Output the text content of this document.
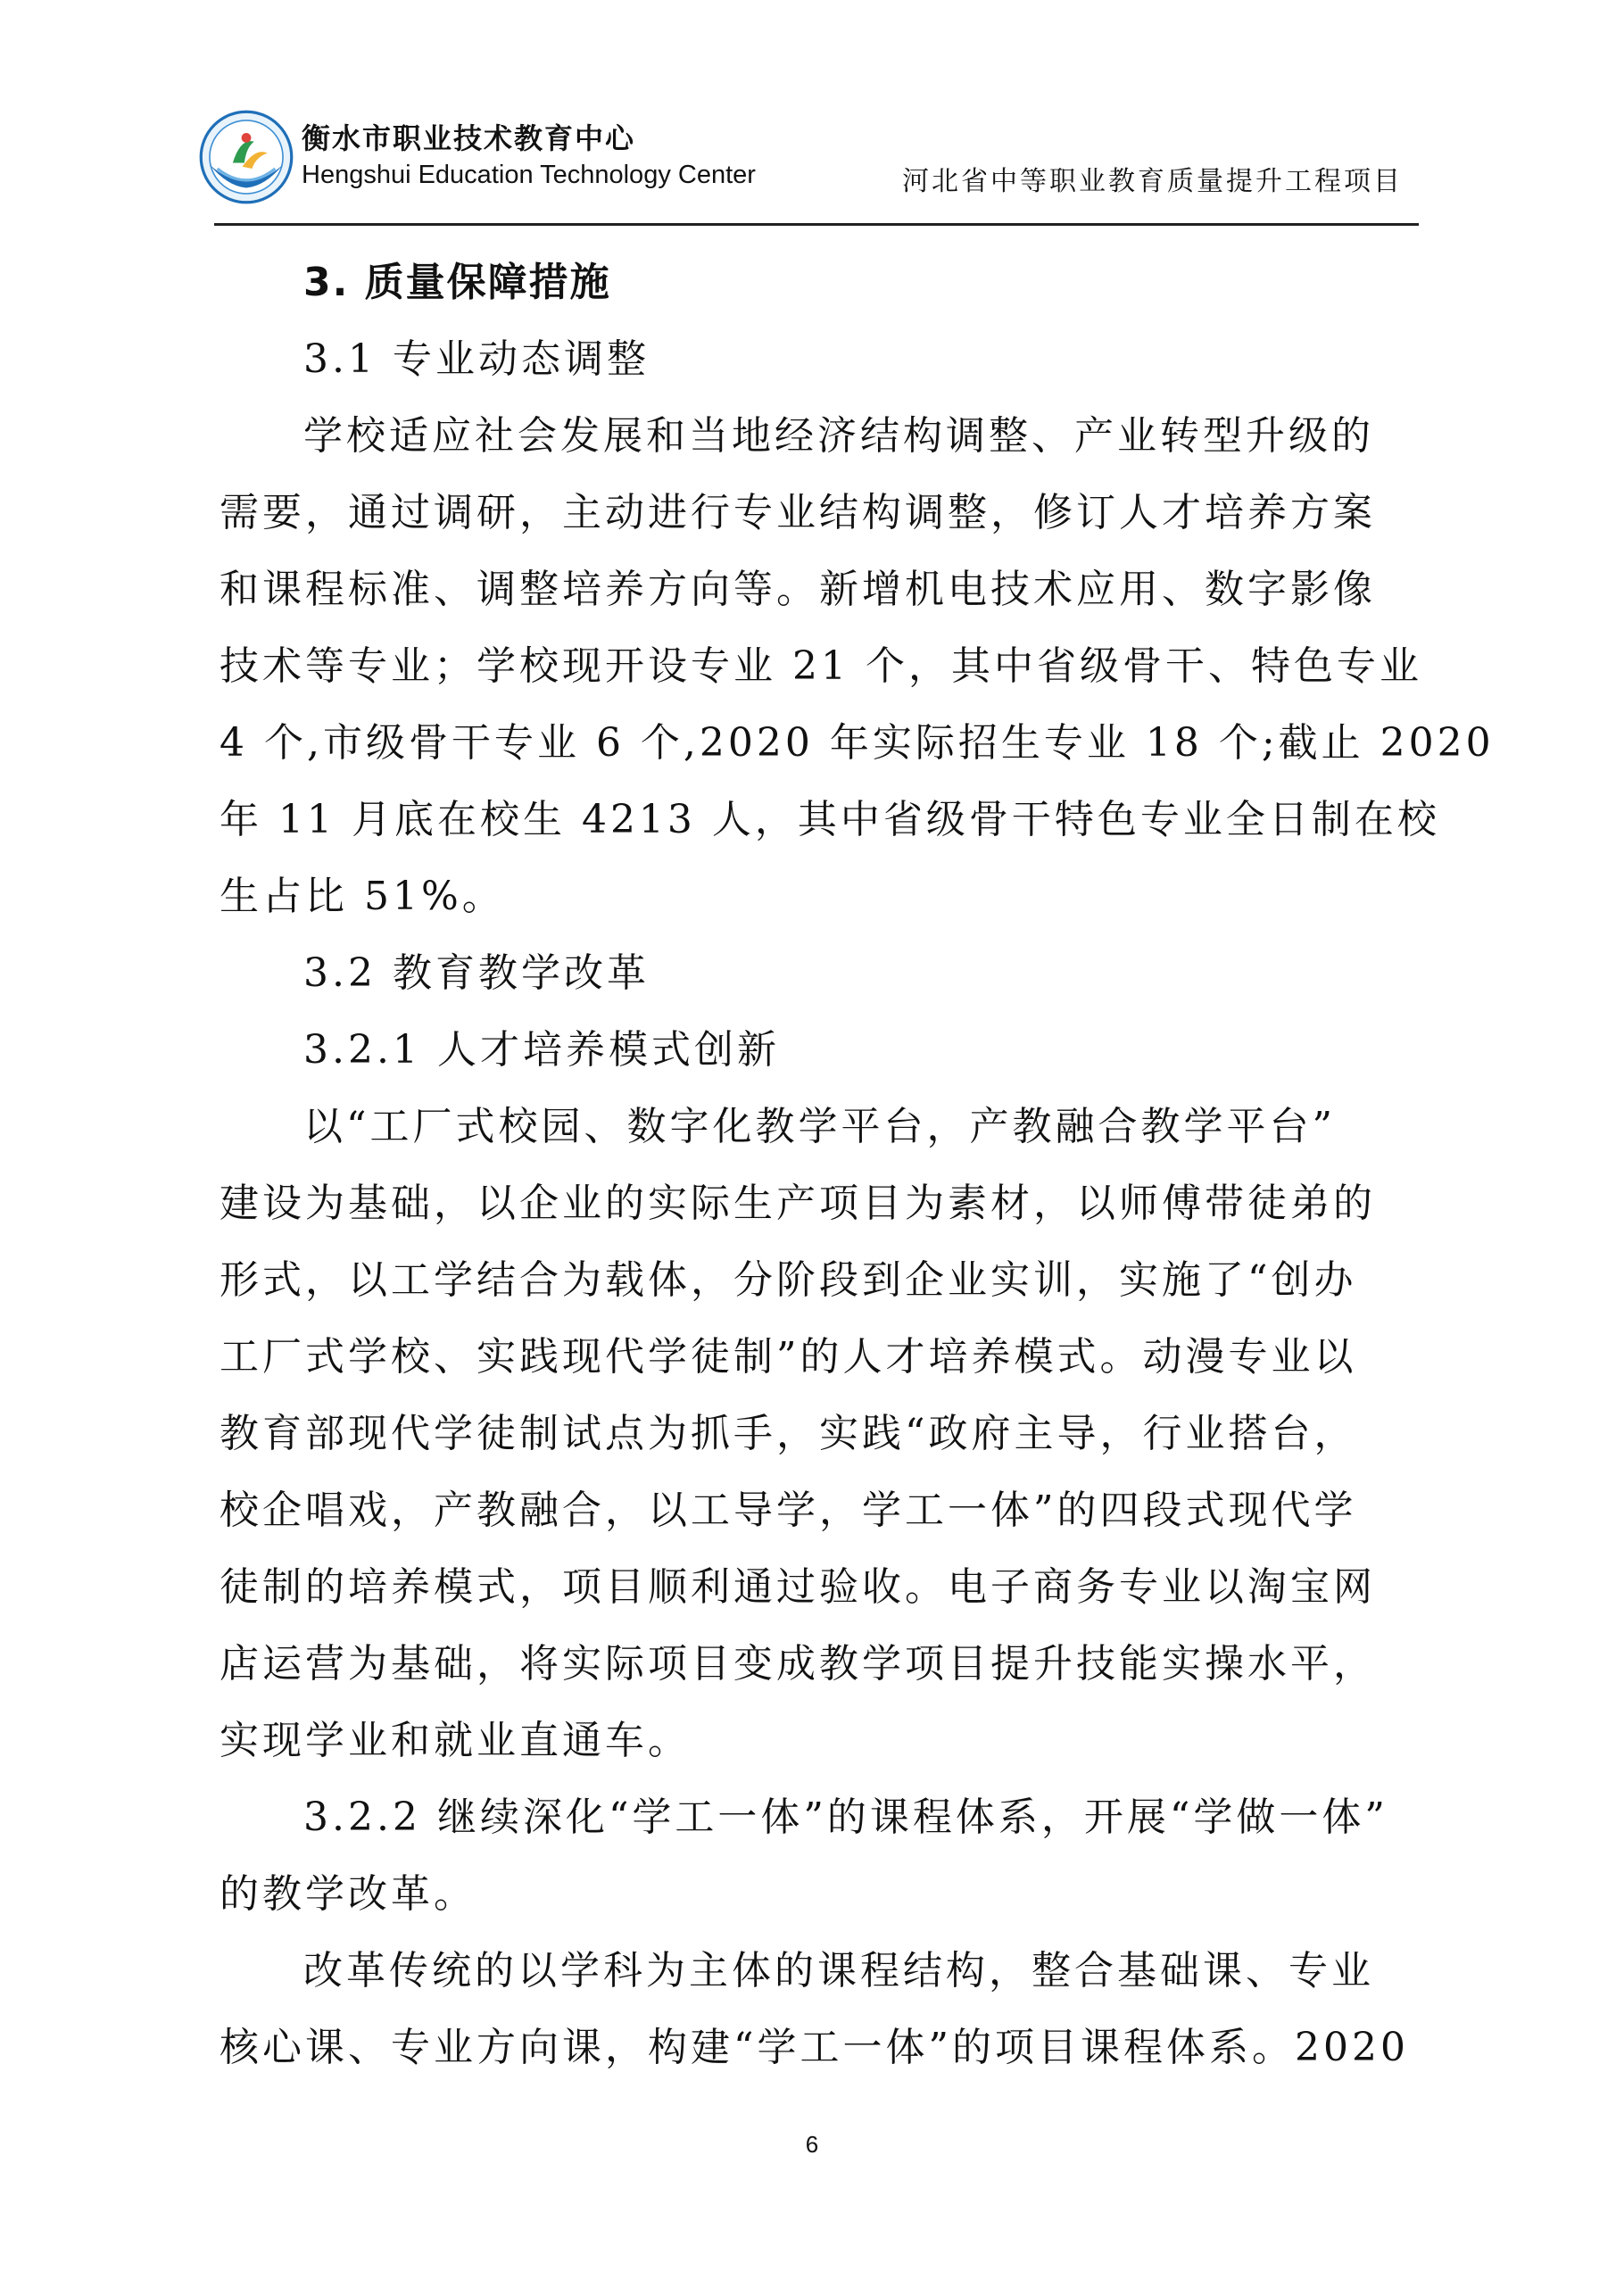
衡水市职业技术教育中心
Hengshui Education Technology Center	河北省中等职业教育质量提升工程项目
3. 质量保障措施
3.1 专业动态调整
学校适应社会发展和当地经济结构调整、产业转型升级的
需要，通过调研，主动进行专业结构调整，修订人才培养方案
和课程标准、调整培养方向等。新增机电技术应用、数字影像
技术等专业；学校现开设专业 21 个，其中省级骨干、特色专业
4 个,市级骨干专业 6 个,2020 年实际招生专业 18 个;截止 2020
年 11 月底在校生 4213 人，其中省级骨干特色专业全日制在校
生占比 51%。
3.2 教育教学改革
3.2.1 人才培养模式创新
以“工厂式校园、数字化教学平台，产教融合教学平台”
建设为基础，以企业的实际生产项目为素材，以师傅带徒弟的
形式，以工学结合为载体，分阶段到企业实训，实施了“创办
工厂式学校、实践现代学徒制”的人才培养模式。动漫专业以
教育部现代学徒制试点为抓手，实践“政府主导，行业搭台，
校企唱戏，产教融合，以工导学，学工一体”的四段式现代学
徒制的培养模式，项目顺利通过验收。电子商务专业以淘宝网
店运营为基础，将实际项目变成教学项目提升技能实操水平，
实现学业和就业直通车。
3.2.2 继续深化“学工一体”的课程体系，开展“学做一体”
的教学改革。
改革传统的以学科为主体的课程结构，整合基础课、专业
核心课、专业方向课，构建“学工一体”的项目课程体系。2020
6
